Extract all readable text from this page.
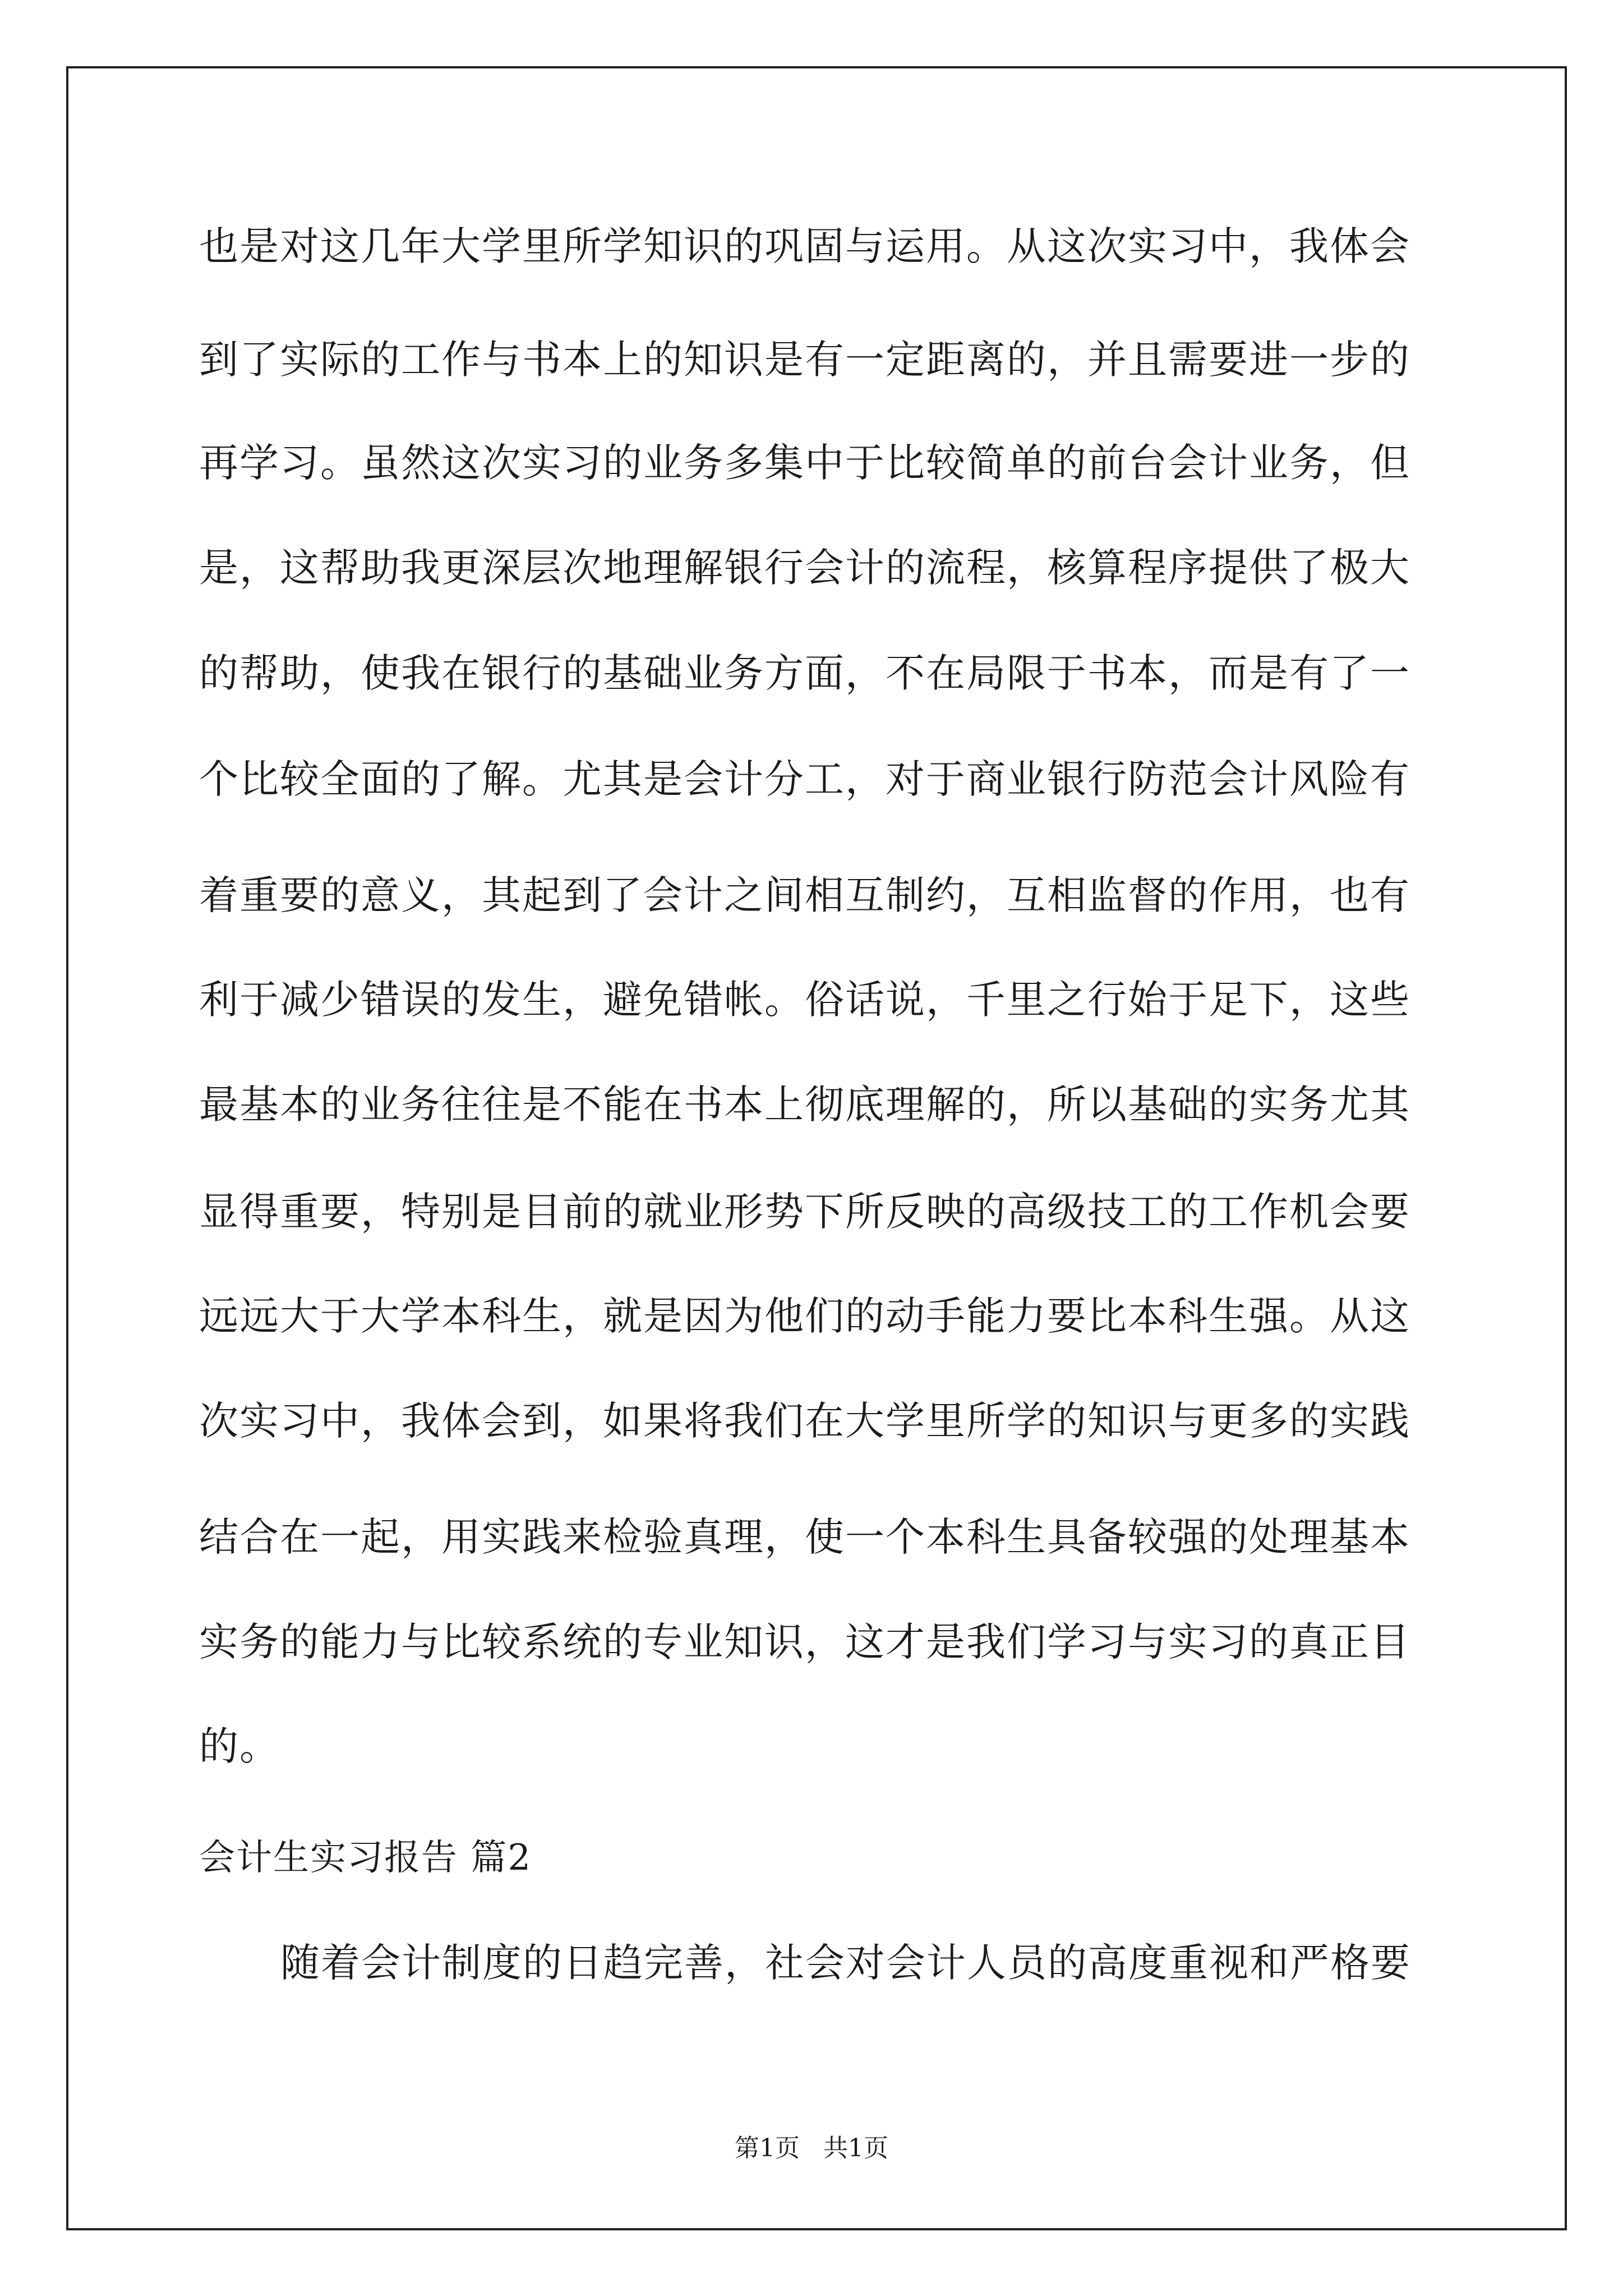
也是对这几年大学里所学知识的巩固与运用。从这次实习中，我体会
到了实际的工作与书本上的知识是有一定距离的，并且需要进一步的
再学习。虽然这次实习的业务多集中于比较简单的前台会计业务，但
是，这帮助我更深层次地理解银行会计的流程，核算程序提供了极大
的帮助，使我在银行的基础业务方面，不在局限于书本，而是有了一
个比较全面的了解。尤其是会计分工，对于商业银行防范会计风险有
着重要的意义，其起到了会计之间相互制约，互相监督的作用，也有
利于减少错误的发生，避免错帐。俗话说，千里之行始于足下，这些
最基本的业务往往是不能在书本上彻底理解的，所以基础的实务尤其
显得重要，特别是目前的就业形势下所反映的高级技工的工作机会要
远远大于大学本科生，就是因为他们的动手能力要比本科生强。从这
次实习中，我体会到，如果将我们在大学里所学的知识与更多的实践
结合在一起，用实践来检验真理，使一个本科生具备较强的处理基本
实务的能力与比较系统的专业知识，这才是我们学习与实习的真正目
的。
会计生实习报告 篇2
随着会计制度的日趋完善，社会对会计人员的高度重视和严格要
第1页   共1页
